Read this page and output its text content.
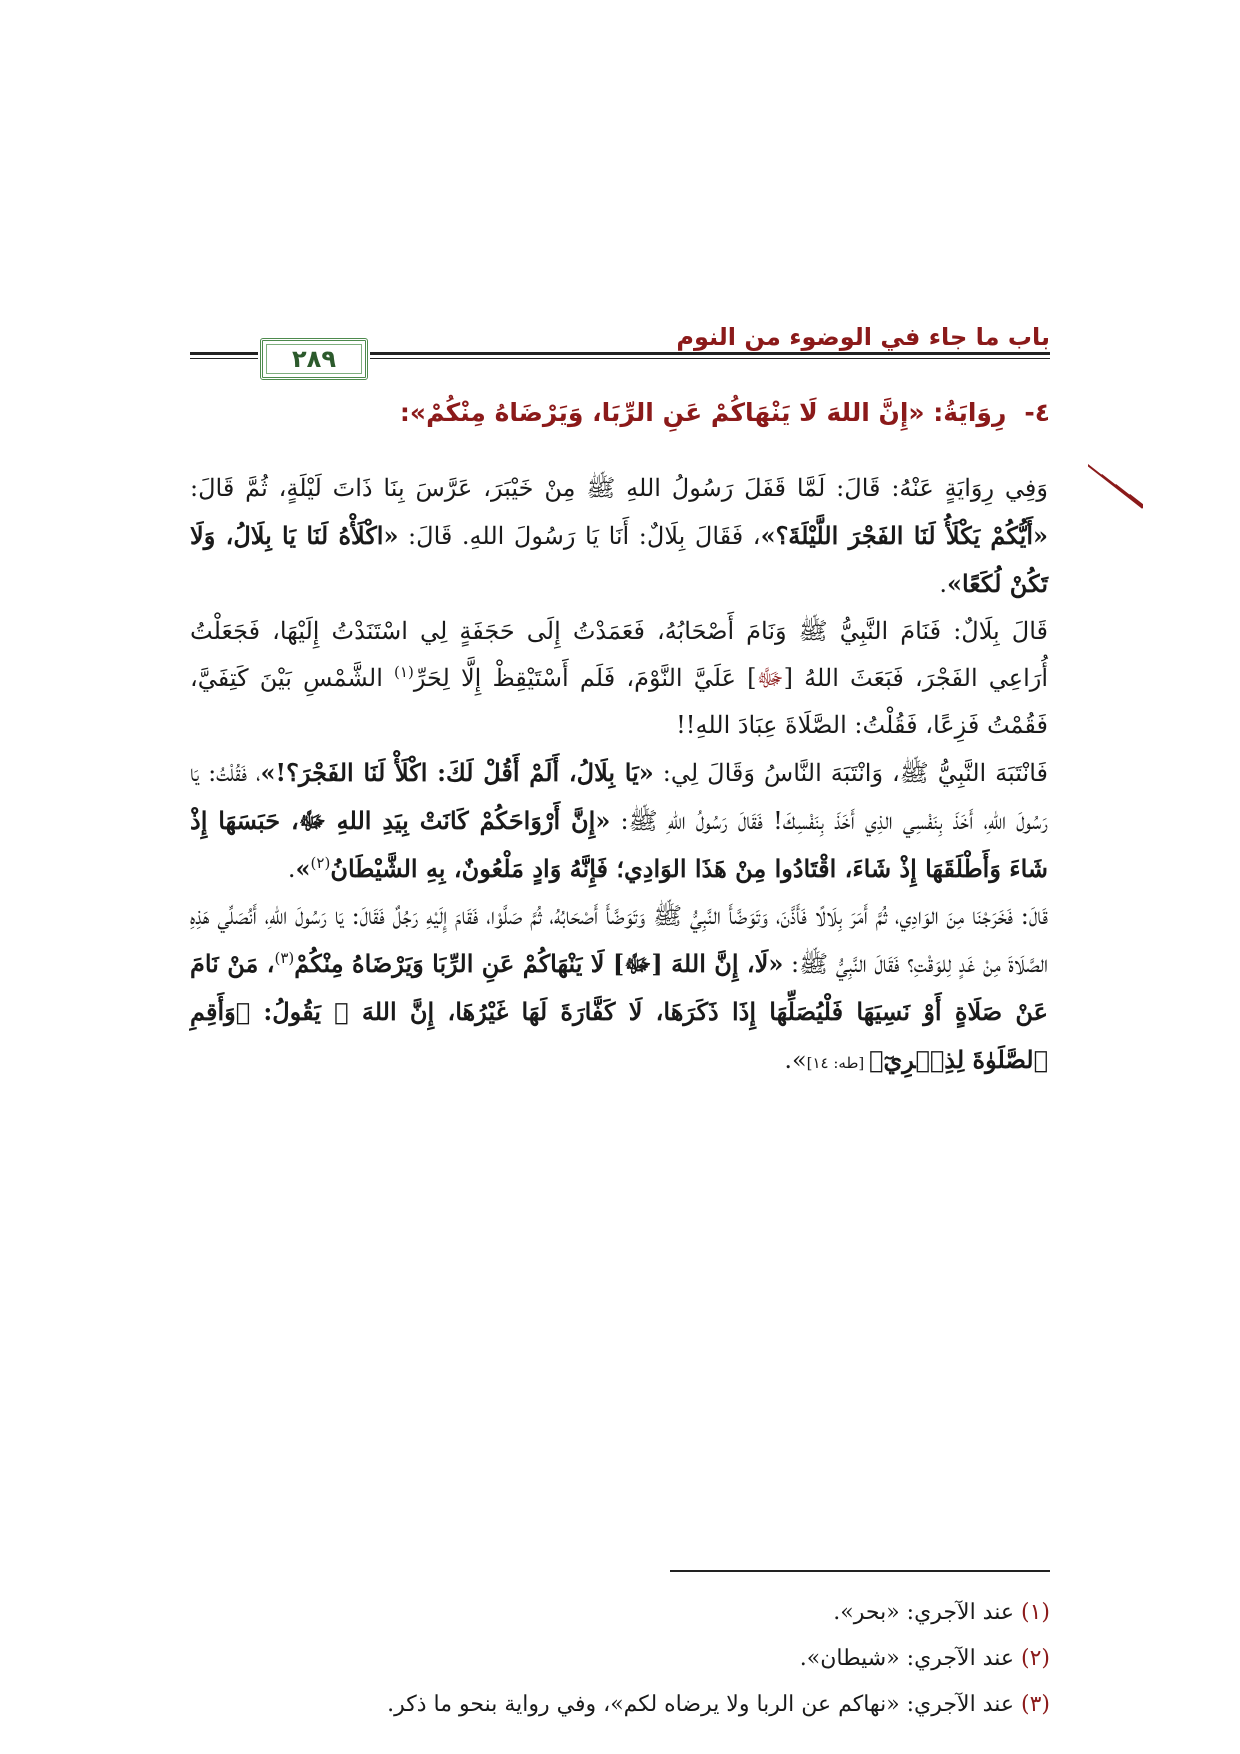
باب ما جاء في الوضوء من النوم
٢٨٩
٤-رِوَايَةُ: «إِنَّ اللهَ لَا يَنْهَاكُمْ عَنِ الرِّبَا، وَيَرْضَاهُ مِنْكُمْ»:

وَفِي رِوَايَةٍ عَنْهُ: قَالَ: لَمَّا قَفَلَ رَسُولُ اللهِ ﷺ مِنْ خَيْبَرَ، عَرَّسَ بِنَا ذَاتَ لَيْلَةٍ، ثُمَّ قَالَ: «أَيُّكُمْ يَكْلَأُ لَنَا الفَجْرَ اللَّيْلَةَ؟»، فَقَالَ بِلَالٌ: أَنَا يَا رَسُولَ اللهِ. قَالَ: «اكْلَأْهُ لَنَا يَا بِلَالُ، وَلَا تَكُنْ لُكَعًا».

قَالَ بِلَالٌ: فَنَامَ النَّبِيُّ ﷺ وَنَامَ أَصْحَابُهُ، فَعَمَدْتُ إِلَى حَجَفَةٍ لِي اسْتَنَدْتُ إِلَيْهَا، فَجَعَلْتُ أُرَاعِي الفَجْرَ، فَبَعَثَ اللهُ [ﷻ] عَلَيَّ النَّوْمَ، فَلَم أَسْتَيْقِظْ إِلَّا لِحَرِّ$^{(١)}$ الشَّمْسِ بَيْنَ كَتِفَيَّ، فَقُمْتُ فَزِعًا، فَقُلْتُ: الصَّلَاةَ عِبَادَ اللهِ!!

فَانْتَبَهَ النَّبِيُّ ﷺ، وَانْتَبَهَ النَّاسُ وَقَالَ لِي: «يَا بِلَالُ، أَلَمْ أَقُلْ لَكَ: اكْلَأْ لَنَا الفَجْرَ؟!»، فَقُلْتُ: يَا رَسُولَ اللهِ، أَخَذَ بِنَفْسِي الذِي أَخَذَ بِنَفْسِكَ! فَقَالَ رَسُولُ اللهِ ﷺ: «إِنَّ أَرْوَاحَكُمْ كَانَتْ بِيَدِ اللهِ ﷻ، حَبَسَهَا إِذْ شَاءَ وَأَطْلَقَهَا إِذْ شَاءَ، اقْتَادُوا مِنْ هَذَا الوَادِي؛ فَإِنَّهُ وَادٍ مَلْعُونٌ، بِهِ الشَّيْطَانُ$^{(٢)}$».

قَالَ: فَخَرَجْنَا مِنَ الوَادِي، ثُمَّ أَمَرَ بِلَالًا فَأَذَّنَ، وَتَوَضَّأَ النَّبِيُّ ﷺ وَتَوَضَّأَ أَصْحَابُهُ، ثُمَّ صَلَّوْا، فَقَامَ إِلَيْهِ رَجُلٌ فَقَالَ: يَا رَسُولَ اللهِ، أَنُصَلِّي هَذِهِ الصَّلَاةَ مِنْ غَدٍ لِلوَقْتِ؟ فَقَالَ النَّبِيُّ ﷺ: «لَا، إِنَّ اللهَ [ﷻ] لَا يَنْهَاكُمْ عَنِ الرِّبَا وَيَرْضَاهُ مِنْكُمْ$^{(٣)}$، مَنْ نَامَ عَنْ صَلَاةٍ أَوْ نَسِيَهَا فَلْيُصَلِّهَا إِذَا ذَكَرَهَا، لَا كَفَّارَةَ لَهَا غَيْرُهَا، إِنَّ اللهَ ﷻ يَقُولُ: ﴿وَأَقِمِ ٱلصَّلَوٰةَ لِذِكۡرِيٓ﴾ [طه: ١٤]».

(١) عند الآجري: «بحر».
(٢) عند الآجري: «شيطان».
(٣) عند الآجري: «نهاكم عن الربا ولا يرضاه لكم»، وفي رواية بنحو ما ذكر.
